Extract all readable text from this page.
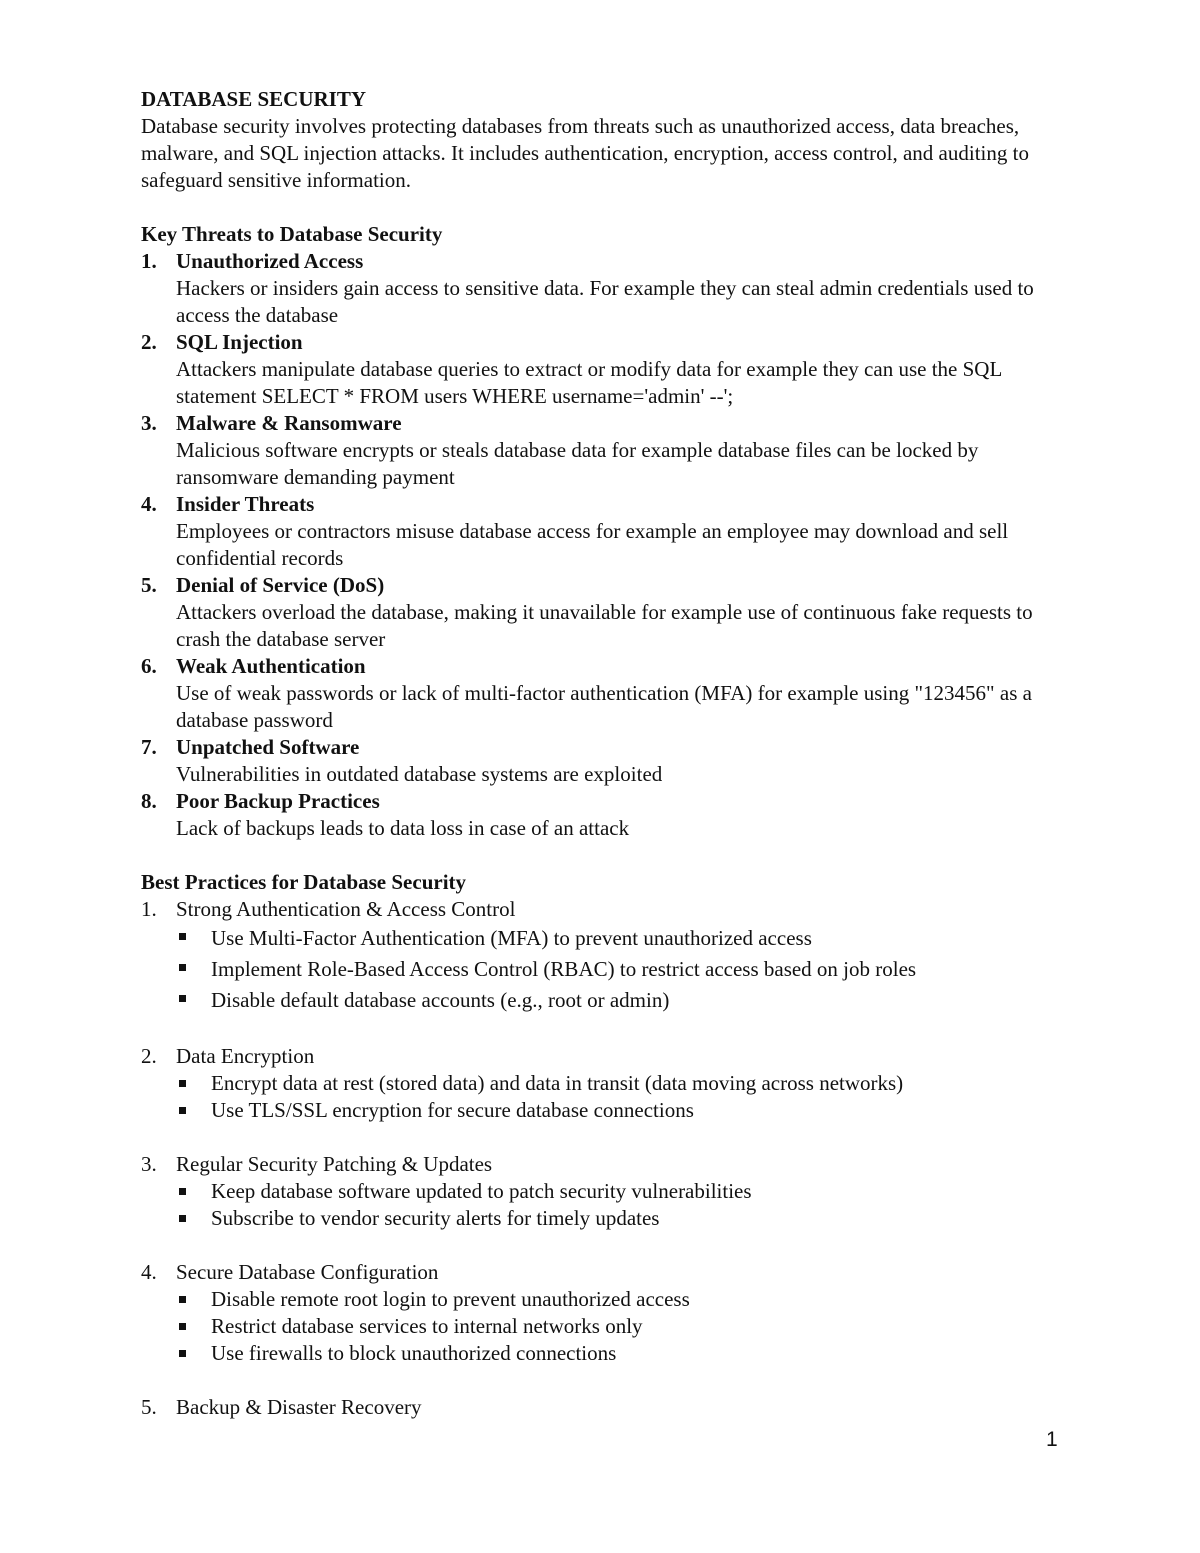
DATABASE SECURITY

Database security involves protecting databases from threats such as unauthorized access, data breaches, malware, and SQL injection attacks. It includes authentication, encryption, access control, and auditing to safeguard sensitive information.

Key Threats to Database Security

1. Unauthorized Access
Hackers or insiders gain access to sensitive data. For example they can steal admin credentials used to access the database
2. SQL Injection
Attackers manipulate database queries to extract or modify data for example they can use the SQL statement SELECT * FROM users WHERE username='admin' --';
3. Malware & Ransomware
Malicious software encrypts or steals database data for example database files can be locked by ransomware demanding payment
4. Insider Threats
Employees or contractors misuse database access for example an employee may download and sell confidential records
5. Denial of Service (DoS)
Attackers overload the database, making it unavailable for example use of continuous fake requests to crash the database server
6. Weak Authentication
Use of weak passwords or lack of multi-factor authentication (MFA) for example using "123456" as a database password
7. Unpatched Software
Vulnerabilities in outdated database systems are exploited
8. Poor Backup Practices
Lack of backups leads to data loss in case of an attack

Best Practices for Database Security

1. Strong Authentication & Access Control
Use Multi-Factor Authentication (MFA) to prevent unauthorized access
Implement Role-Based Access Control (RBAC) to restrict access based on job roles
Disable default database accounts (e.g., root or admin)
2. Data Encryption
Encrypt data at rest (stored data) and data in transit (data moving across networks)
Use TLS/SSL encryption for secure database connections
3. Regular Security Patching & Updates
Keep database software updated to patch security vulnerabilities
Subscribe to vendor security alerts for timely updates
4. Secure Database Configuration
Disable remote root login to prevent unauthorized access
Restrict database services to internal networks only
Use firewalls to block unauthorized connections
5. Backup & Disaster Recovery
1
